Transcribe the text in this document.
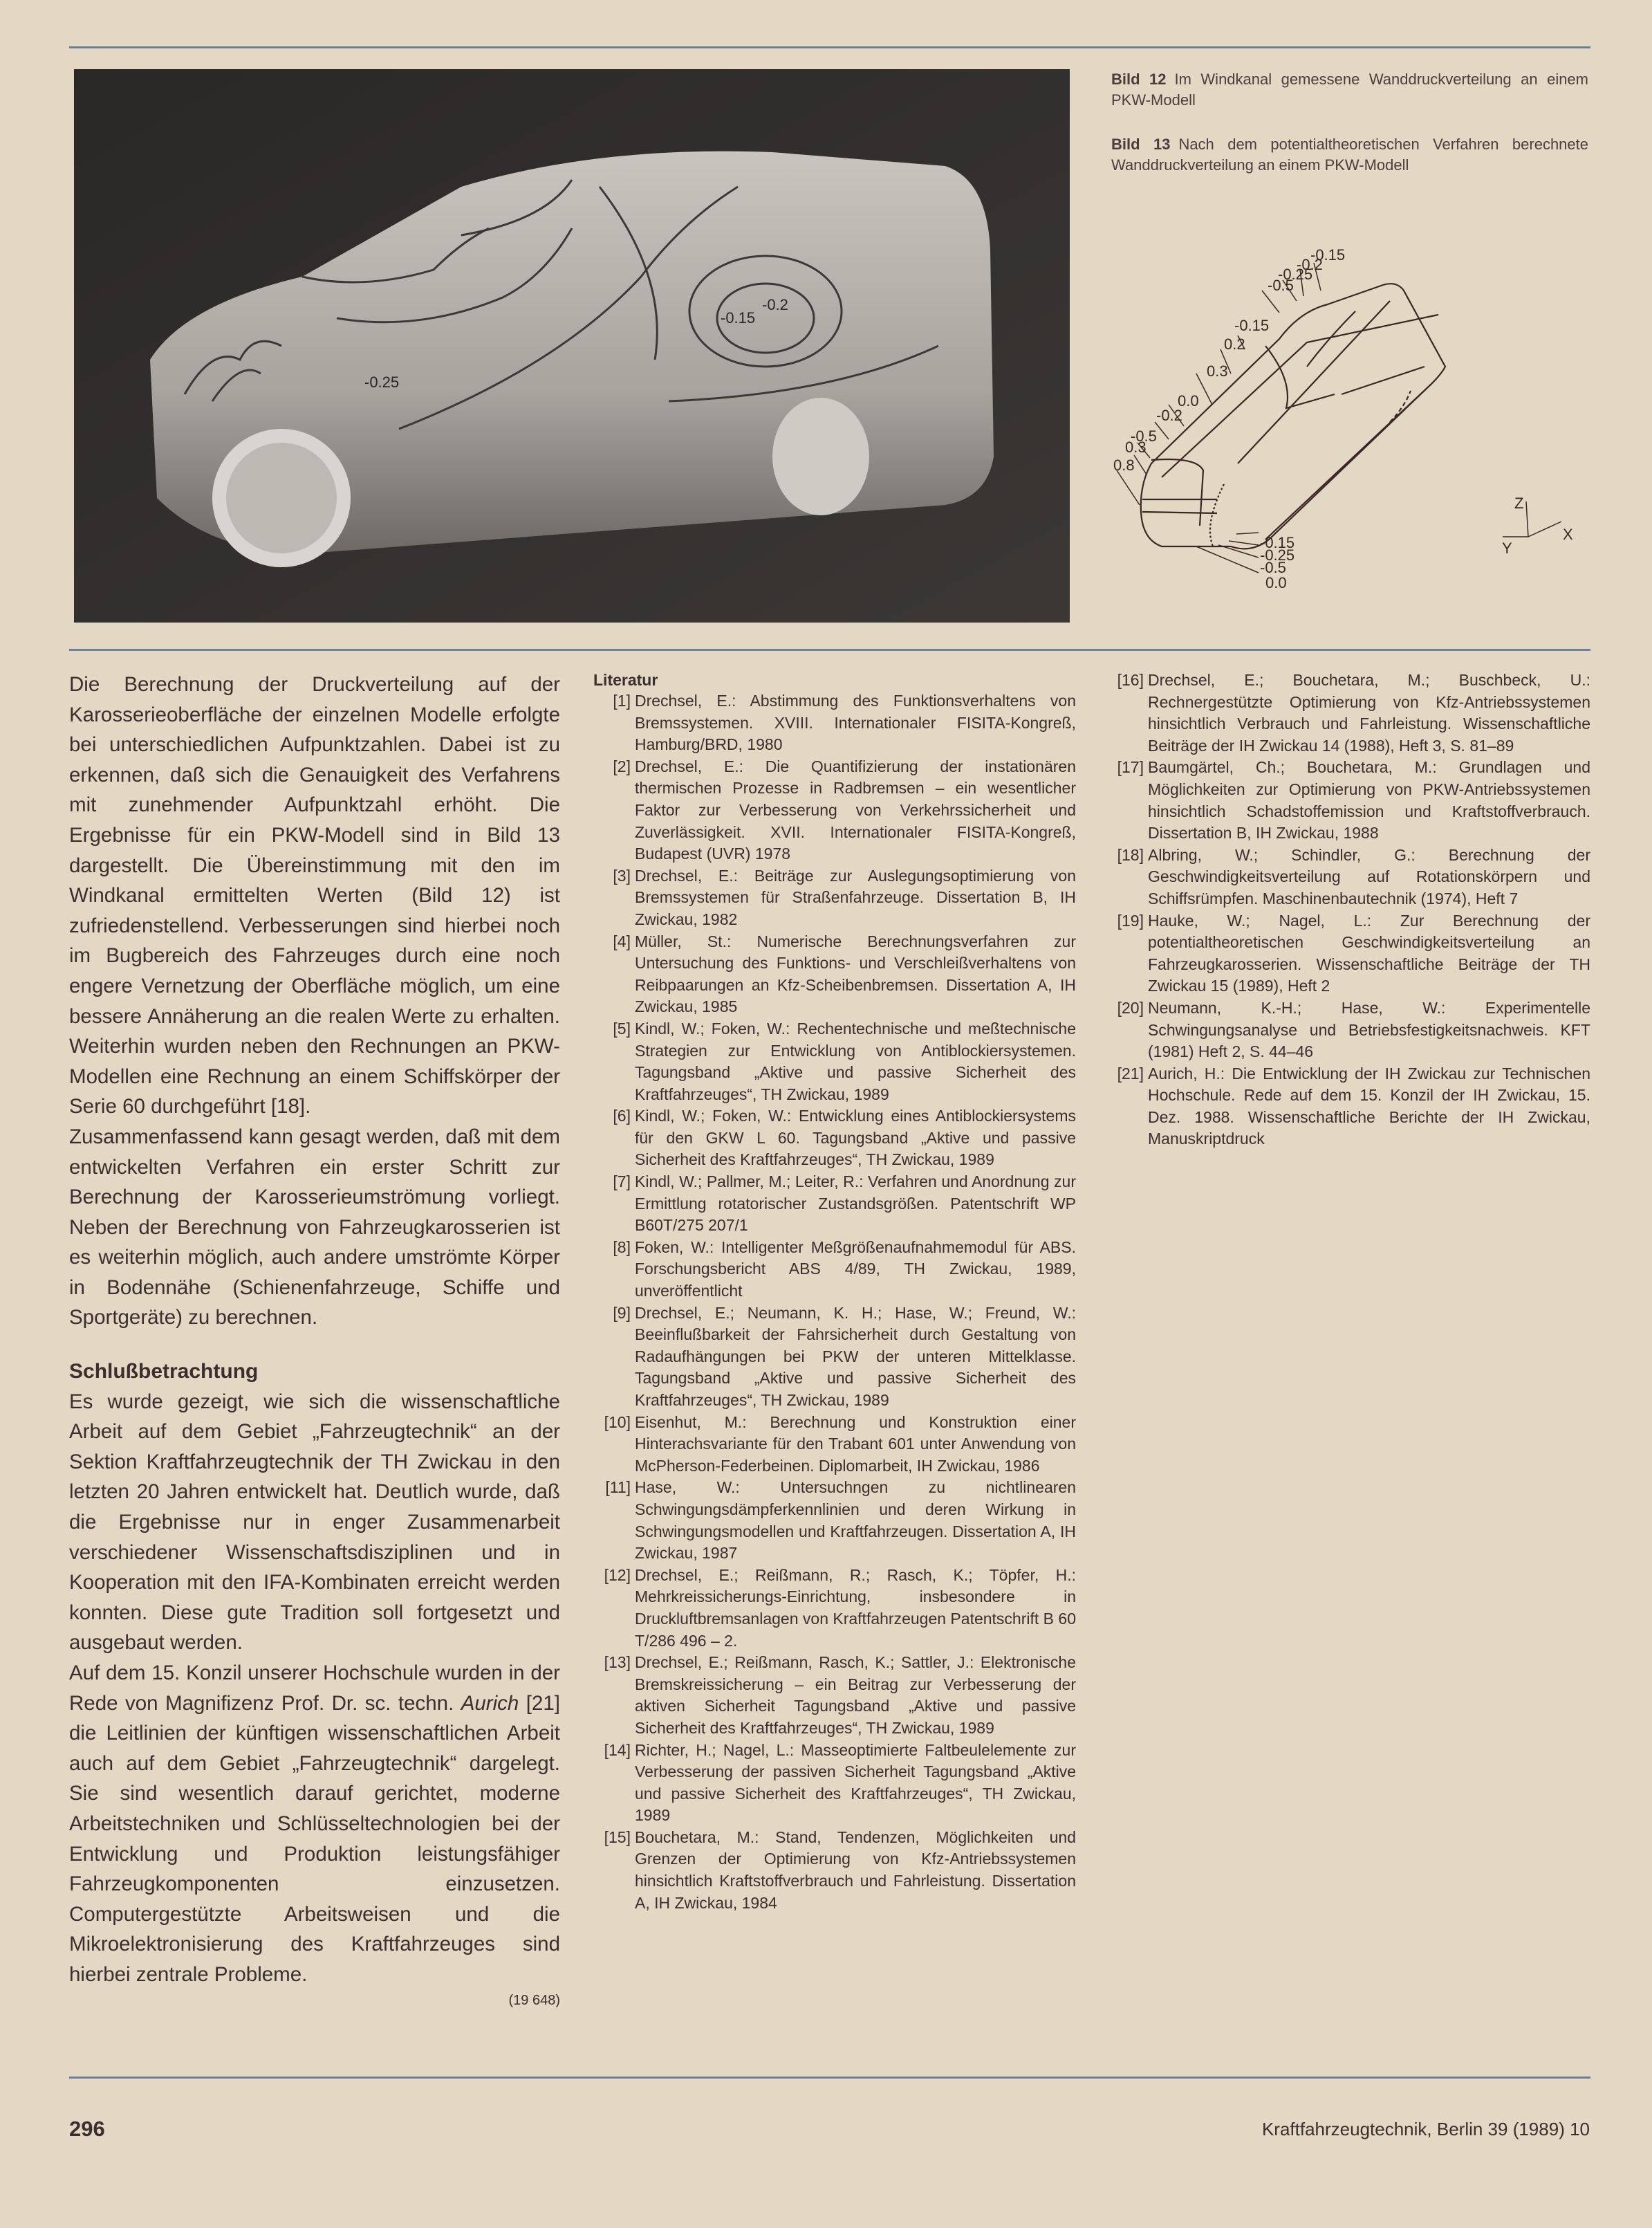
-0.25
-0.15
-0.2
Bild 12 Im Windkanal gemessene Wanddruckverteilung an einem PKW-Modell
Bild 13 Nach dem potentialtheoretischen Verfahren berechnete Wanddruckverteilung an einem PKW-Modell
-0.15
-0.2
-0.25
-0.5
-0.15
0.2
0.3
0.0
-0.2
-0.5
0.3
0.8
-0.15
-0.25
-0.5
0.0
Z
X
Y

Die Berechnung der Druckverteilung auf der Karosserieoberfläche der einzelnen Modelle erfolgte bei unterschiedlichen Aufpunktzahlen. Dabei ist zu erkennen, daß sich die Genauigkeit des Verfahrens mit zunehmender Aufpunktzahl erhöht. Die Ergebnisse für ein PKW-Modell sind in Bild 13 dargestellt. Die Übereinstimmung mit den im Windkanal ermittelten Werten (Bild 12) ist zufriedenstellend. Verbesserungen sind hierbei noch im Bugbereich des Fahrzeuges durch eine noch engere Vernetzung der Oberfläche möglich, um eine bessere Annäherung an die realen Werte zu erhalten. Weiterhin wurden neben den Rechnungen an PKW-Modellen eine Rechnung an einem Schiffskörper der Serie 60 durchgeführt [18].

Zusammenfassend kann gesagt werden, daß mit dem entwickelten Verfahren ein erster Schritt zur Berechnung der Karosserieumströmung vorliegt. Neben der Berechnung von Fahrzeugkarosserien ist es weiterhin möglich, auch andere umströmte Körper in Bodennähe (Schienenfahrzeuge, Schiffe und Sportgeräte) zu berechnen.

Schlußbetrachtung

Es wurde gezeigt, wie sich die wissenschaftliche Arbeit auf dem Gebiet „Fahrzeugtechnik“ an der Sektion Kraftfahrzeugtechnik der TH Zwickau in den letzten 20 Jahren entwickelt hat. Deutlich wurde, daß die Ergebnisse nur in enger Zusammenarbeit verschiedener Wissenschaftsdisziplinen und in Kooperation mit den IFA-Kombinaten erreicht werden konnten. Diese gute Tradition soll fortgesetzt und ausgebaut werden.

Auf dem 15. Konzil unserer Hochschule wurden in der Rede von Magnifizenz Prof. Dr. sc. techn. Aurich [21] die Leitlinien der künftigen wissenschaftlichen Arbeit auch auf dem Gebiet „Fahrzeugtechnik“ dargelegt. Sie sind wesentlich darauf gerichtet, moderne Arbeitstechniken und Schlüsseltechnologien bei der Entwicklung und Produktion leistungsfähiger Fahrzeugkomponenten einzusetzen. Computergestützte Arbeitsweisen und die Mikroelektronisierung des Kraftfahrzeuges sind hierbei zentrale Probleme.

(19 648)

Literatur
[1] Drechsel, E.: Abstimmung des Funktionsverhaltens von Bremssystemen. XVIII. Internationaler FISITA-Kongreß, Hamburg/BRD, 1980
[2] Drechsel, E.: Die Quantifizierung der instationären thermischen Prozesse in Radbremsen – ein wesentlicher Faktor zur Verbesserung von Verkehrssicherheit und Zuverlässigkeit. XVII. Internationaler FISITA-Kongreß, Budapest (UVR) 1978
[3] Drechsel, E.: Beiträge zur Auslegungsoptimierung von Bremssystemen für Straßenfahrzeuge. Dissertation B, IH Zwickau, 1982
[4] Müller, St.: Numerische Berechnungsverfahren zur Untersuchung des Funktions- und Verschleißverhaltens von Reibpaarungen an Kfz-Scheibenbremsen. Dissertation A, IH Zwickau, 1985
[5] Kindl, W.; Foken, W.: Rechentechnische und meßtechnische Strategien zur Entwicklung von Antiblockiersystemen. Tagungsband „Aktive und passive Sicherheit des Kraftfahrzeuges“, TH Zwickau, 1989
[6] Kindl, W.; Foken, W.: Entwicklung eines Antiblockiersystems für den GKW L 60. Tagungsband „Aktive und passive Sicherheit des Kraftfahrzeuges“, TH Zwickau, 1989
[7] Kindl, W.; Pallmer, M.; Leiter, R.: Verfahren und Anordnung zur Ermittlung rotatorischer Zustandsgrößen. Patentschrift WP B60T/275 207/1
[8] Foken, W.: Intelligenter Meßgrößenaufnahmemodul für ABS. Forschungsbericht ABS 4/89, TH Zwickau, 1989, unveröffentlicht
[9] Drechsel, E.; Neumann, K. H.; Hase, W.; Freund, W.: Beeinflußbarkeit der Fahrsicherheit durch Gestaltung von Radaufhängungen bei PKW der unteren Mittelklasse. Tagungsband „Aktive und passive Sicherheit des Kraftfahrzeuges“, TH Zwickau, 1989
[10] Eisenhut, M.: Berechnung und Konstruktion einer Hinterachsvariante für den Trabant 601 unter Anwendung von McPherson-Federbeinen. Diplomarbeit, IH Zwickau, 1986
[11] Hase, W.: Untersuchngen zu nichtlinearen Schwingungsdämpferkennlinien und deren Wirkung in Schwingungsmodellen und Kraftfahrzeugen. Dissertation A, IH Zwickau, 1987
[12] Drechsel, E.; Reißmann, R.; Rasch, K.; Töpfer, H.: Mehrkreissicherungs-Einrichtung, insbesondere in Druckluftbremsanlagen von Kraftfahrzeugen Patentschrift B 60 T/286 496 – 2.
[13] Drechsel, E.; Reißmann, Rasch, K.; Sattler, J.: Elektronische Bremskreissicherung – ein Beitrag zur Verbesserung der aktiven Sicherheit Tagungsband „Aktive und passive Sicherheit des Kraftfahrzeuges“, TH Zwickau, 1989
[14] Richter, H.; Nagel, L.: Masseoptimierte Faltbeulelemente zur Verbesserung der passiven Sicherheit Tagungsband „Aktive und passive Sicherheit des Kraftfahrzeuges“, TH Zwickau, 1989
[15] Bouchetara, M.: Stand, Tendenzen, Möglichkeiten und Grenzen der Optimierung von Kfz-Antriebssystemen hinsichtlich Kraftstoffverbrauch und Fahrleistung. Dissertation A, IH Zwickau, 1984
[16] Drechsel, E.; Bouchetara, M.; Buschbeck, U.: Rechnergestützte Optimierung von Kfz-Antriebssystemen hinsichtlich Verbrauch und Fahrleistung. Wissenschaftliche Beiträge der IH Zwickau 14 (1988), Heft 3, S. 81–89
[17] Baumgärtel, Ch.; Bouchetara, M.: Grundlagen und Möglichkeiten zur Optimierung von PKW-Antriebssystemen hinsichtlich Schadstoffemission und Kraftstoffverbrauch. Dissertation B, IH Zwickau, 1988
[18] Albring, W.; Schindler, G.: Berechnung der Geschwindigkeitsverteilung auf Rotationskörpern und Schiffsrümpfen. Maschinenbautechnik (1974), Heft 7
[19] Hauke, W.; Nagel, L.: Zur Berechnung der potentialtheoretischen Geschwindigkeitsverteilung an Fahrzeugkarosserien. Wissenschaftliche Beiträge der TH Zwickau 15 (1989), Heft 2
[20] Neumann, K.-H.; Hase, W.: Experimentelle Schwingungsanalyse und Betriebsfestigkeitsnachweis. KFT (1981) Heft 2, S. 44–46
[21] Aurich, H.: Die Entwicklung der IH Zwickau zur Technischen Hochschule. Rede auf dem 15. Konzil der IH Zwickau, 15. Dez. 1988. Wissenschaftliche Berichte der IH Zwickau, Manuskriptdruck
296	Kraftfahrzeugtechnik, Berlin 39 (1989) 10
